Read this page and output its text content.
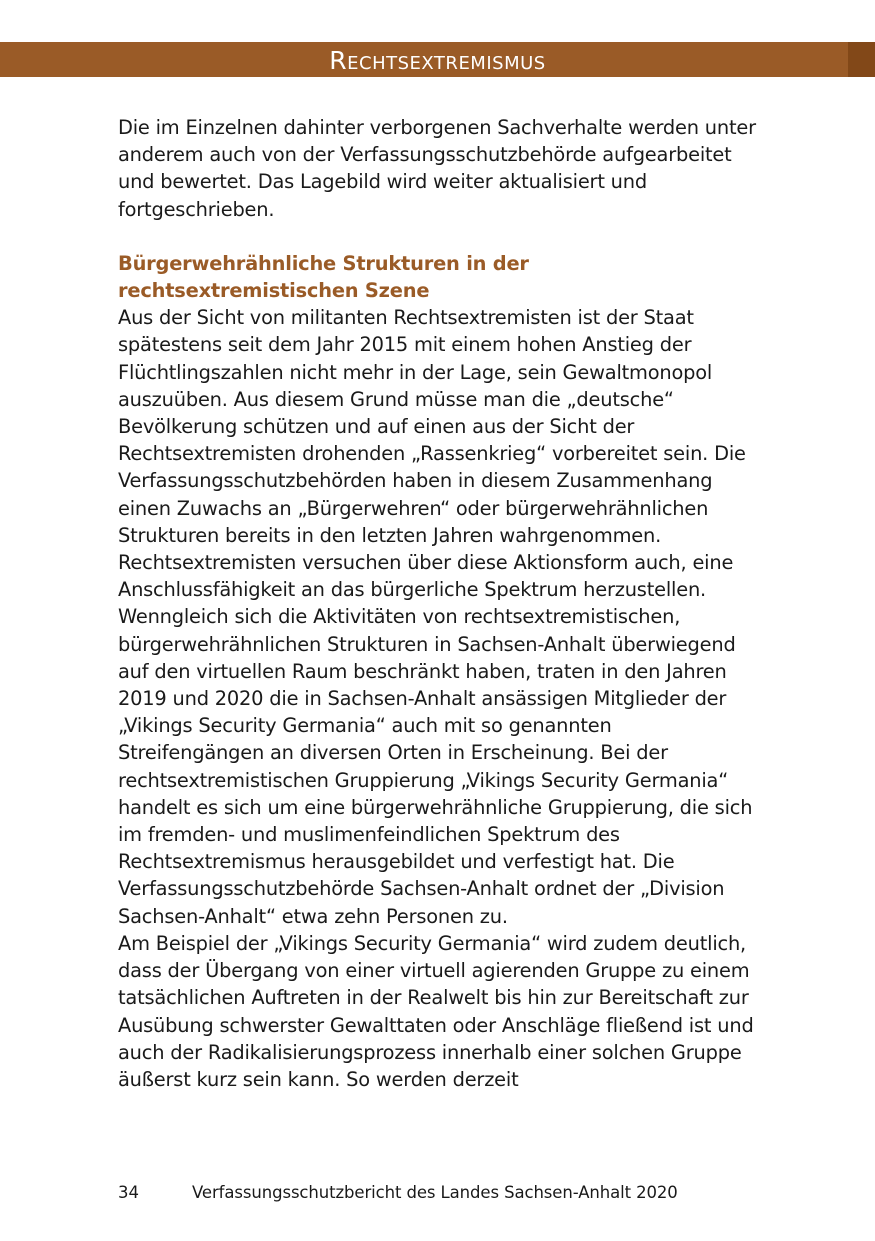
Rechtsextremismus

Die im Einzelnen dahinter verborgenen Sachverhalte werden unter anderem auch von der Verfassungsschutzbehörde aufgearbeitet und bewertet. Das Lagebild wird weiter aktualisiert und fortgeschrieben.

Bürgerwehrähnliche Strukturen in der rechtsextremistischen Szene

Aus der Sicht von militanten Rechtsextremisten ist der Staat spätestens seit dem Jahr 2015 mit einem hohen Anstieg der Flüchtlingszahlen nicht mehr in der Lage, sein Gewaltmonopol auszuüben. Aus diesem Grund müsse man die „deutsche“ Bevölkerung schützen und auf einen aus der Sicht der Rechtsextremisten drohenden „Rassenkrieg“ vorbereitet sein. Die Verfassungsschutzbehörden haben in diesem Zusammenhang einen Zuwachs an „Bürgerwehren“ oder bürgerwehrähnlichen Strukturen bereits in den letzten Jahren wahrgenommen. Rechtsextremisten versuchen über diese Aktionsform auch, eine Anschlussfähigkeit an das bürgerliche Spektrum herzustellen. Wenngleich sich die Aktivitäten von rechtsextremistischen, bürgerwehrähnlichen Strukturen in Sachsen-Anhalt überwiegend auf den virtuellen Raum beschränkt haben, traten in den Jahren 2019 und 2020 die in Sachsen-Anhalt ansässigen Mitglieder der „Vikings Security Germania“ auch mit so genannten Streifengängen an diversen Orten in Erscheinung. Bei der rechtsextremistischen Gruppierung „Vikings Security Germania“ handelt es sich um eine bürgerwehrähnliche Gruppierung, die sich im fremden- und muslimenfeindlichen Spektrum des Rechtsextremismus herausgebildet und verfestigt hat. Die Verfassungsschutzbehörde Sachsen-Anhalt ordnet der „Division Sachsen-Anhalt“ etwa zehn Personen zu.

Am Beispiel der „Vikings Security Germania“ wird zudem deutlich, dass der Übergang von einer virtuell agierenden Gruppe zu einem tatsächlichen Auftreten in der Realwelt bis hin zur Bereitschaft zur Ausübung schwerster Gewalttaten oder Anschläge fließend ist und auch der Radikalisierungsprozess innerhalb einer solchen Gruppe äußerst kurz sein kann. So werden derzeit

34	Verfassungsschutzbericht des Landes Sachsen-Anhalt 2020
